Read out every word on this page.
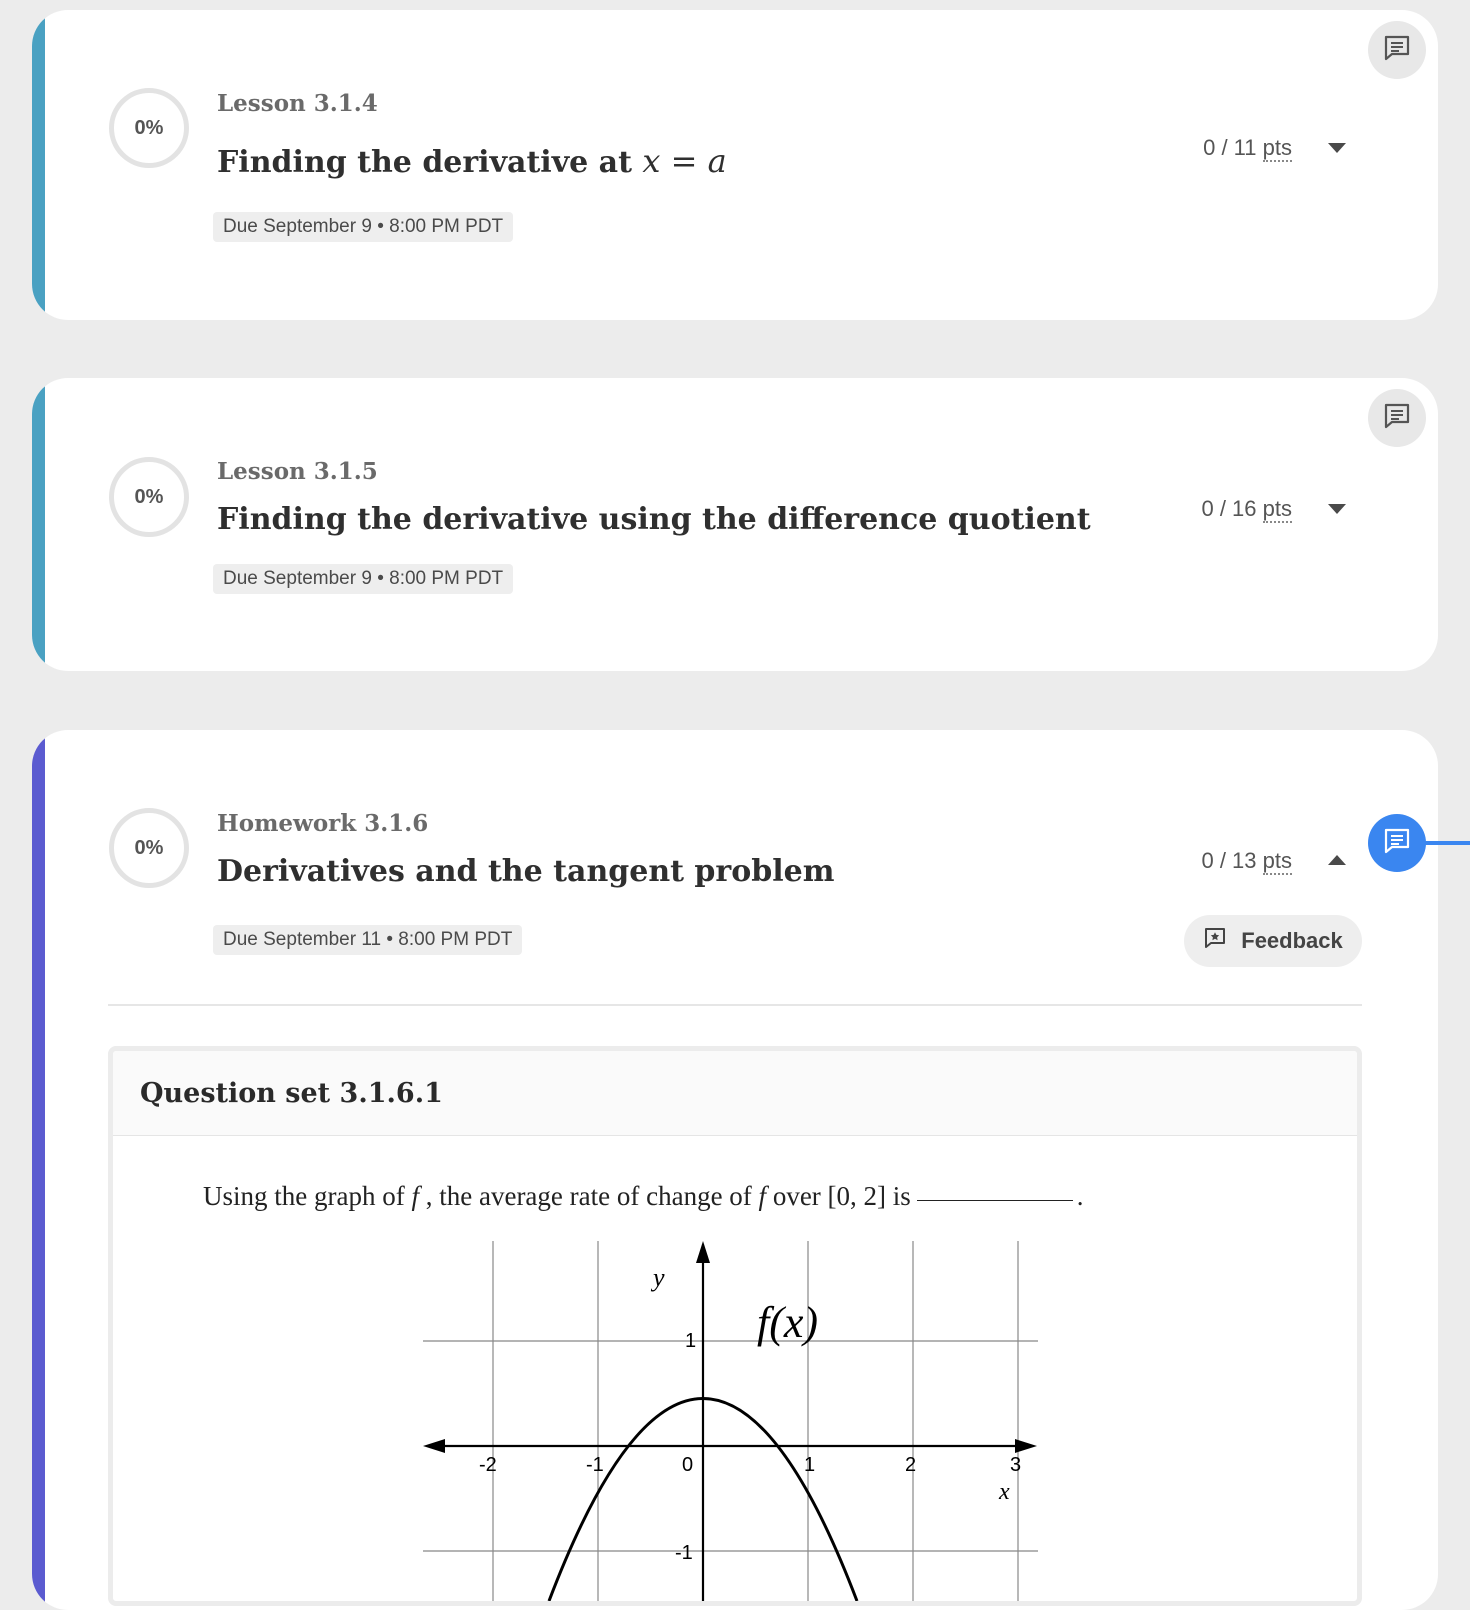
0%
Lesson 3.1.4
Finding the derivative at x = a
Due September 9 • 8:00 PM PDT
0 / 11 pts
0%
Lesson 3.1.5
Finding the derivative using the difference quotient
Due September 9 • 8:00 PM PDT
0 / 16 pts
0%
Homework 3.1.6
Derivatives and the tangent problem
Due September 11 • 8:00 PM PDT
0 / 13 pts
Feedback
Question set 3.1.6.1
Using the graph of f , the average rate of change of f over [0, 2] is	.
y
x
f(x)
-2	-1	0	1	2	3
1
-1
